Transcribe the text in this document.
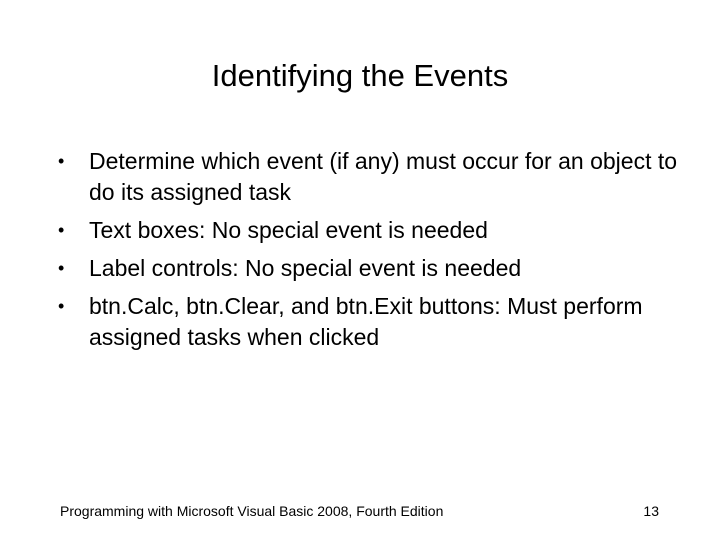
Identifying the Events
• Determine which event (if any) must occur for an object to do its assigned task
• Text boxes: No special event is needed
• Label controls: No special event is needed
• btn.Calc, btn.Clear, and btn.Exit buttons: Must perform assigned tasks when clicked
Programming with Microsoft Visual Basic 2008, Fourth Edition	13
